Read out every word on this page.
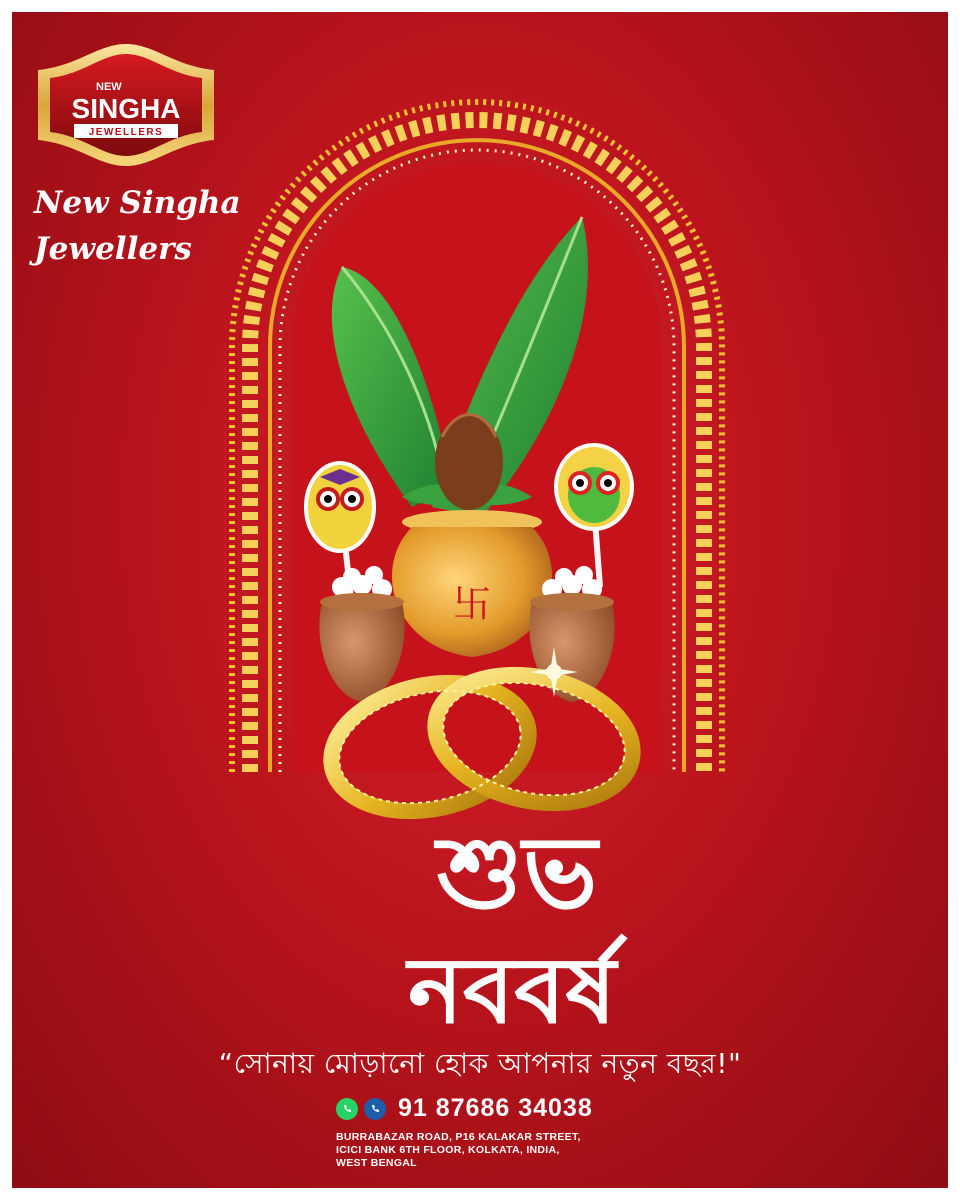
NEW
SINGHA
JEWELLERS
New Singha
Jewellers
卐
শুভ
নববর্ষ
“সোনায় মোড়ানো হোক আপনার নতুন বছর!"
91 87686 34038
BURRABAZAR ROAD, P16 KALAKAR STREET,
ICICI BANK 6TH FLOOR, KOLKATA, INDIA,
WEST BENGAL
